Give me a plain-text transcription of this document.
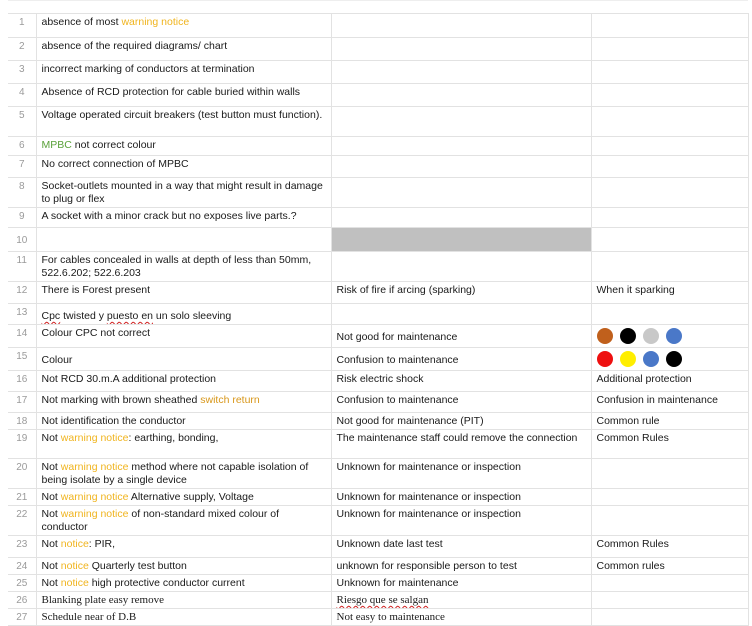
1	absence of most warning notice		
2	absence of the required diagrams/ chart		
3	incorrect marking of conductors at termination		
4	Absence of RCD protection for cable buried within walls		
5	Voltage operated circuit breakers (test button must function).		
6	MPBC not correct colour		
7	No correct connection of MPBC		
8	Socket-outlets mounted in a way that might result in damage to plug or flex		
9	A socket with a minor crack but no exposes live parts.?		
10			
11	For cables concealed in walls at depth of less than 50mm, 522.6.202; 522.6.203		
12	There is Forest present	Risk of fire if arcing (sparking)	When it sparking
13	Cpc twisted y puesto en un solo sleeving		
14	Colour CPC not correct	Not good for maintenance	

15	Colour	Confusion to maintenance	

16	Not RCD 30.m.A additional protection	Risk electric shock	Additional protection
17	Not marking with brown sheathed switch return	Confusion to maintenance	Confusion in maintenance
18	Not identification the conductor	Not good for maintenance (PIT)	Common rule
19	Not warning notice: earthing, bonding,	The maintenance staff could remove the connection	Common Rules
20	Not warning notice method where not capable isolation of being isolate by a single device	Unknown for maintenance or inspection	
21	Not warning notice Alternative supply, Voltage	Unknown for maintenance or inspection	
22	Not warning notice of non-standard mixed colour of conductor	Unknown for maintenance or inspection	
23	Not notice: PIR,	Unknown date last test	Common Rules
24	Not notice Quarterly test button	unknown for responsible person to test	Common rules
25	Not notice high protective conductor current	Unknown for maintenance	
26	Blanking plate easy remove	Riesgo que se salgan	
27	Schedule near of D.B	Not easy to maintenance	
